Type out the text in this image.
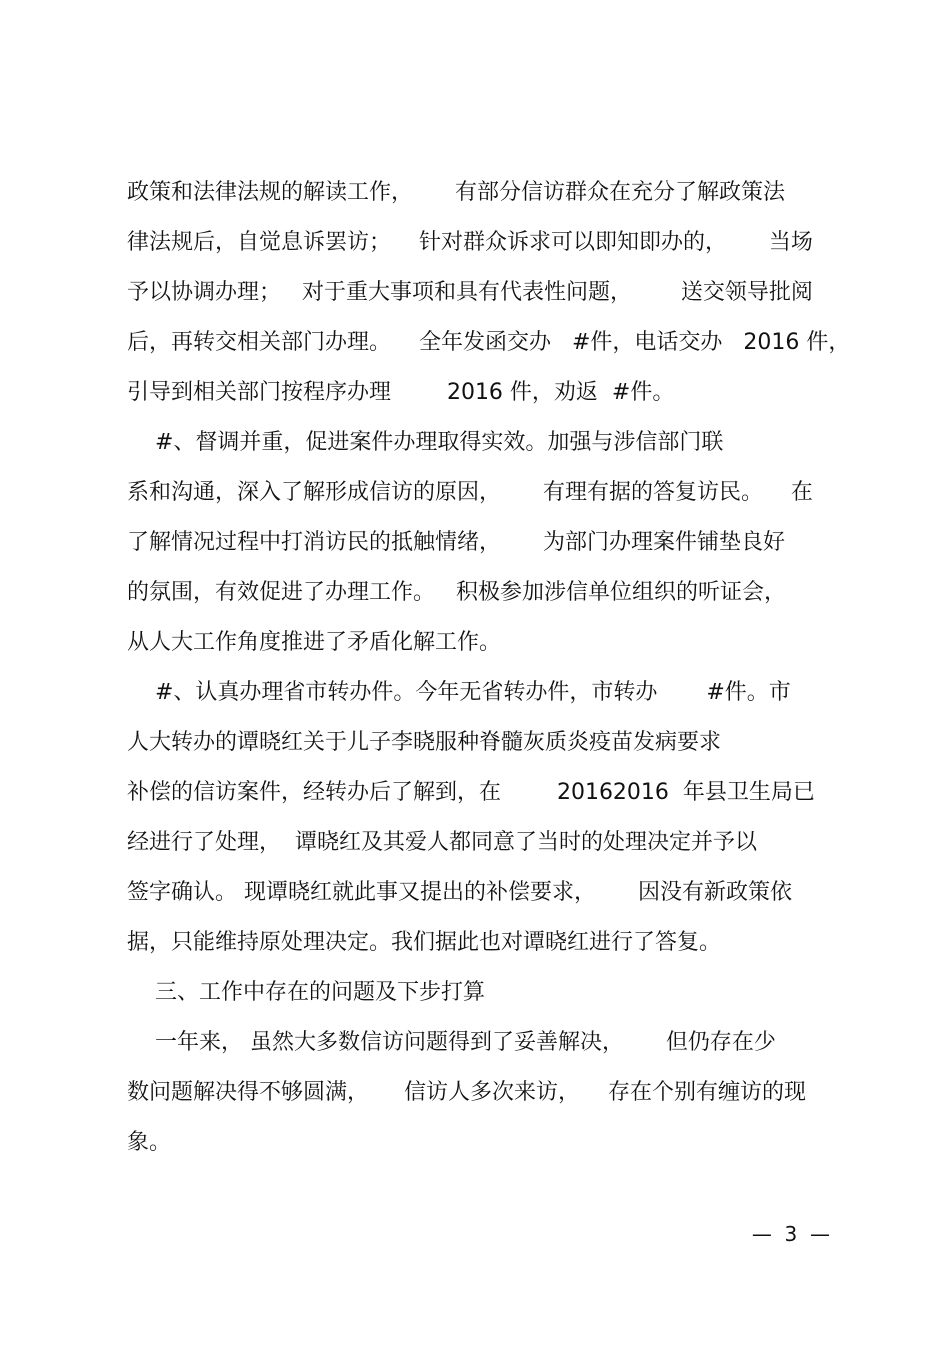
政策和法律法规的解读工作，      有部分信访群众在充分了解政策法
律法规后，自觉息诉罢访；    针对群众诉求可以即知即办的，      当场
予以协调办理；   对于重大事项和具有代表性问题，       送交领导批阅
后，再转交相关部门办理。    全年发函交办   #件，电话交办   2016 件，
引导到相关部门按程序办理        2016 件，劝返  #件。
#、督调并重，促进案件办理取得实效。加强与涉信部门联
系和沟通，深入了解形成信访的原因，      有理有据的答复访民。    在
了解情况过程中打消访民的抵触情绪，      为部门办理案件铺垫良好
的氛围，有效促进了办理工作。   积极参加涉信单位组织的听证会，
从人大工作角度推进了矛盾化解工作。
#、认真办理省市转办件。今年无省转办件，市转办       #件。市
人大转办的谭晓红关于儿子李晓服种脊髓灰质炎疫苗发病要求
补偿的信访案件，经转办后了解到，在        20162016  年县卫生局已
经进行了处理，  谭晓红及其爱人都同意了当时的处理决定并予以
签字确认。 现谭晓红就此事又提出的补偿要求，      因没有新政策依
据，只能维持原处理决定。我们据此也对谭晓红进行了答复。
三、工作中存在的问题及下步打算
一年来， 虽然大多数信访问题得到了妥善解决，      但仍存在少
数问题解决得不够圆满，     信访人多次来访，    存在个别有缠访的现
象。
—  3  —
